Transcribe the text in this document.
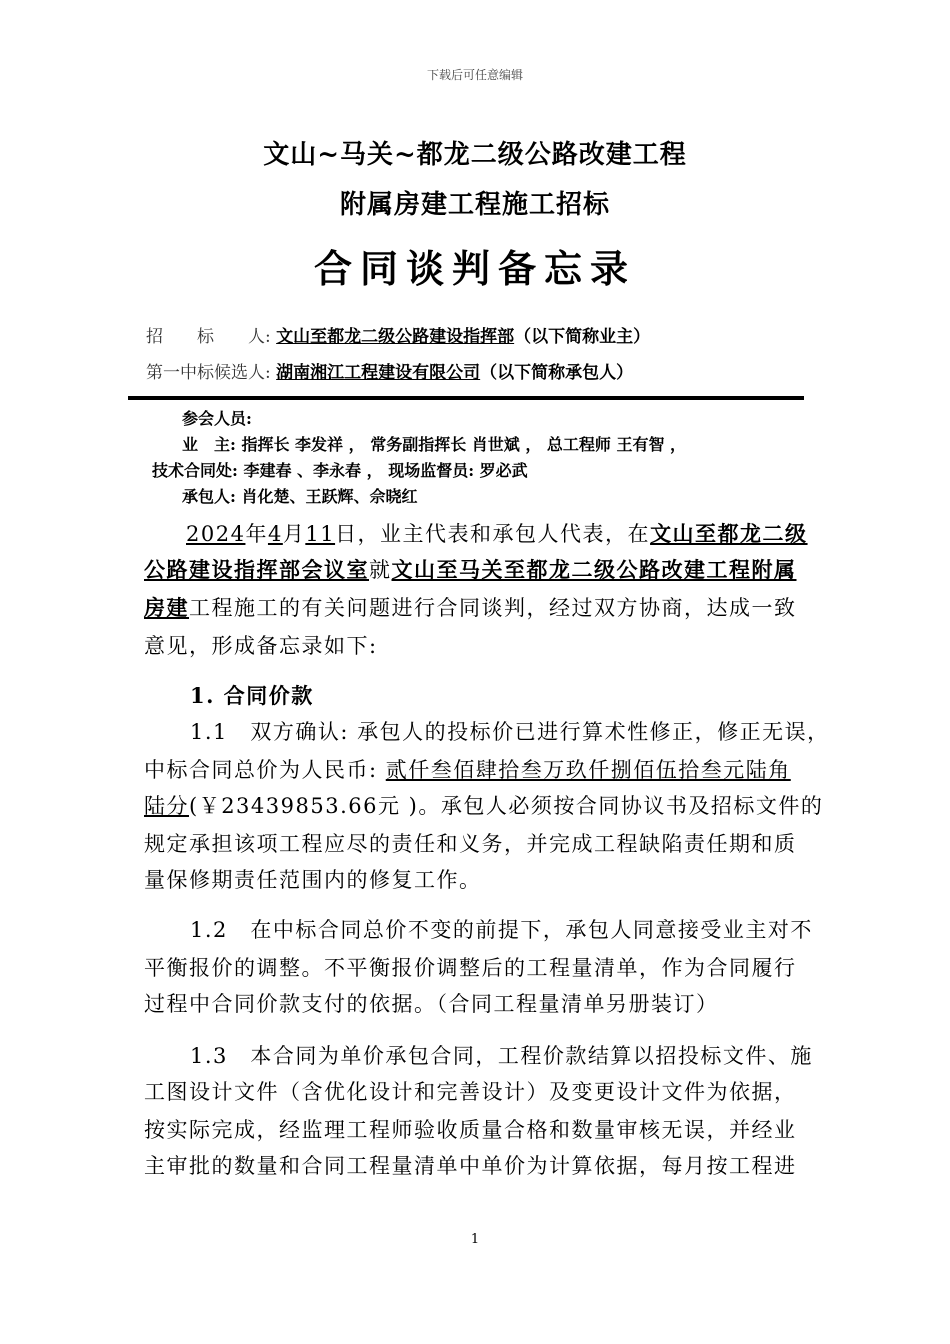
下载后可任意编辑
文山~马关~都龙二级公路改建工程
附属房建工程施工招标
合同谈判备忘录
招　　标　　人: 文山至都龙二级公路建设指挥部（以下简称业主）
第一中标候选人: 湖南湘江工程建设有限公司（以下简称承包人）
参会人员:
业　主: 指挥长 李发祥 ， 常务副指挥长 肖世斌 ， 总工程师 王有智 ，
技术合同处: 李建春 、李永春 ， 现场监督员: 罗必武
承包人: 肖化楚、王跃辉、佘晓红
2024年4月11日，业主代表和承包人代表，在文山至都龙二级
公路建设指挥部会议室就文山至马关至都龙二级公路改建工程附属
房建工程施工的有关问题进行合同谈判，经过双方协商，达成一致
意见，形成备忘录如下:
1. 合同价款
1.1　双方确认: 承包人的投标价已进行算术性修正，修正无误，
中标合同总价为人民币: 贰仟叁佰肆拾叁万玖仟捌佰伍拾叁元陆角
陆分(￥23439853.66元 )。承包人必须按合同协议书及招标文件的
规定承担该项工程应尽的责任和义务，并完成工程缺陷责任期和质
量保修期责任范围内的修复工作。
1.2　在中标合同总价不变的前提下，承包人同意接受业主对不
平衡报价的调整。不平衡报价调整后的工程量清单，作为合同履行
过程中合同价款支付的依据。（合同工程量清单另册装订）
1.3　本合同为单价承包合同，工程价款结算以招投标文件、施
工图设计文件（含优化设计和完善设计）及变更设计文件为依据，
按实际完成，经监理工程师验收质量合格和数量审核无误，并经业
主审批的数量和合同工程量清单中单价为计算依据，每月按工程进
1
